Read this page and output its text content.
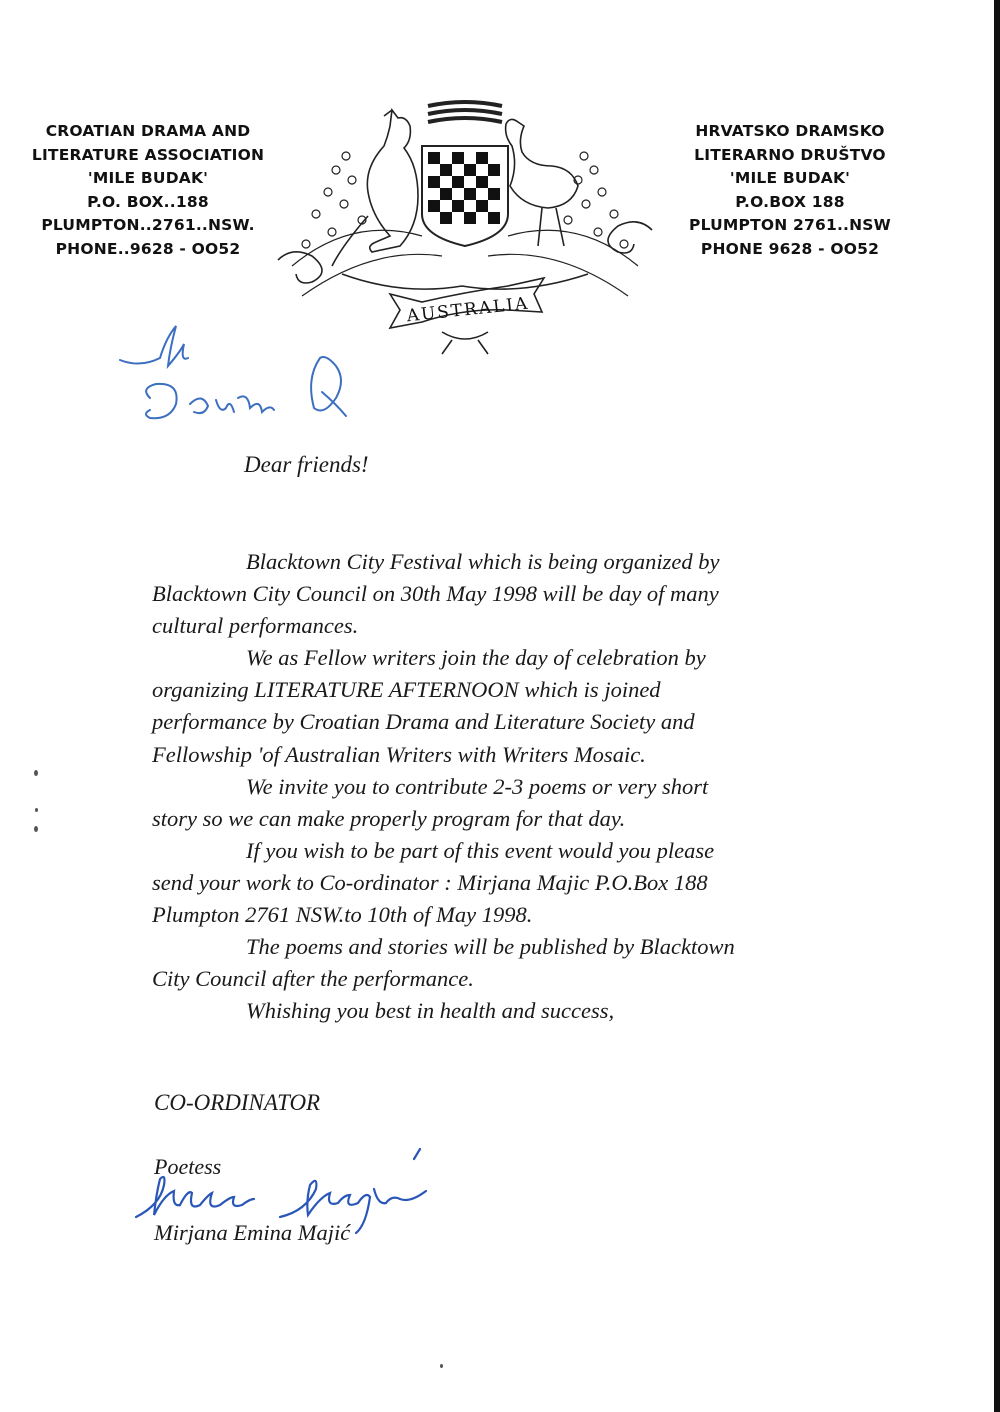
CROATIAN DRAMA AND
LITERATURE ASSOCIATION
'MILE BUDAK'
P.O. BOX..188
PLUMPTON..2761..NSW.
PHONE..9628 - OO52
AUSTRALIA
HRVATSKO DRAMSKO
LITERARNO DRUŠTVO
'MILE BUDAK'
P.O.BOX 188
PLUMPTON 2761..NSW
PHONE 9628 - OO52
Dear friends!

Blacktown City Festival which is being organized by
Blacktown City Council on 30th May 1998 will be day of many
cultural performances.

We as Fellow writers join the day of celebration by
organizing LITERATURE AFTERNOON which is joined
performance by Croatian Drama and Literature Society and
Fellowship 'of Australian Writers with Writers Mosaic.

We invite you to contribute 2-3 poems or very short
story so we can make properly program for that day.

If you wish to be part of this event would you please
send your work to Co-ordinator : Mirjana Majic P.O.Box 188
Plumpton 2761 NSW.to 10th of May 1998.

The poems and stories will be published by Blacktown
City Council after the performance.

Whishing you best in health and success,

CO-ORDINATOR
Poetess
Mirjana Emina Majić
